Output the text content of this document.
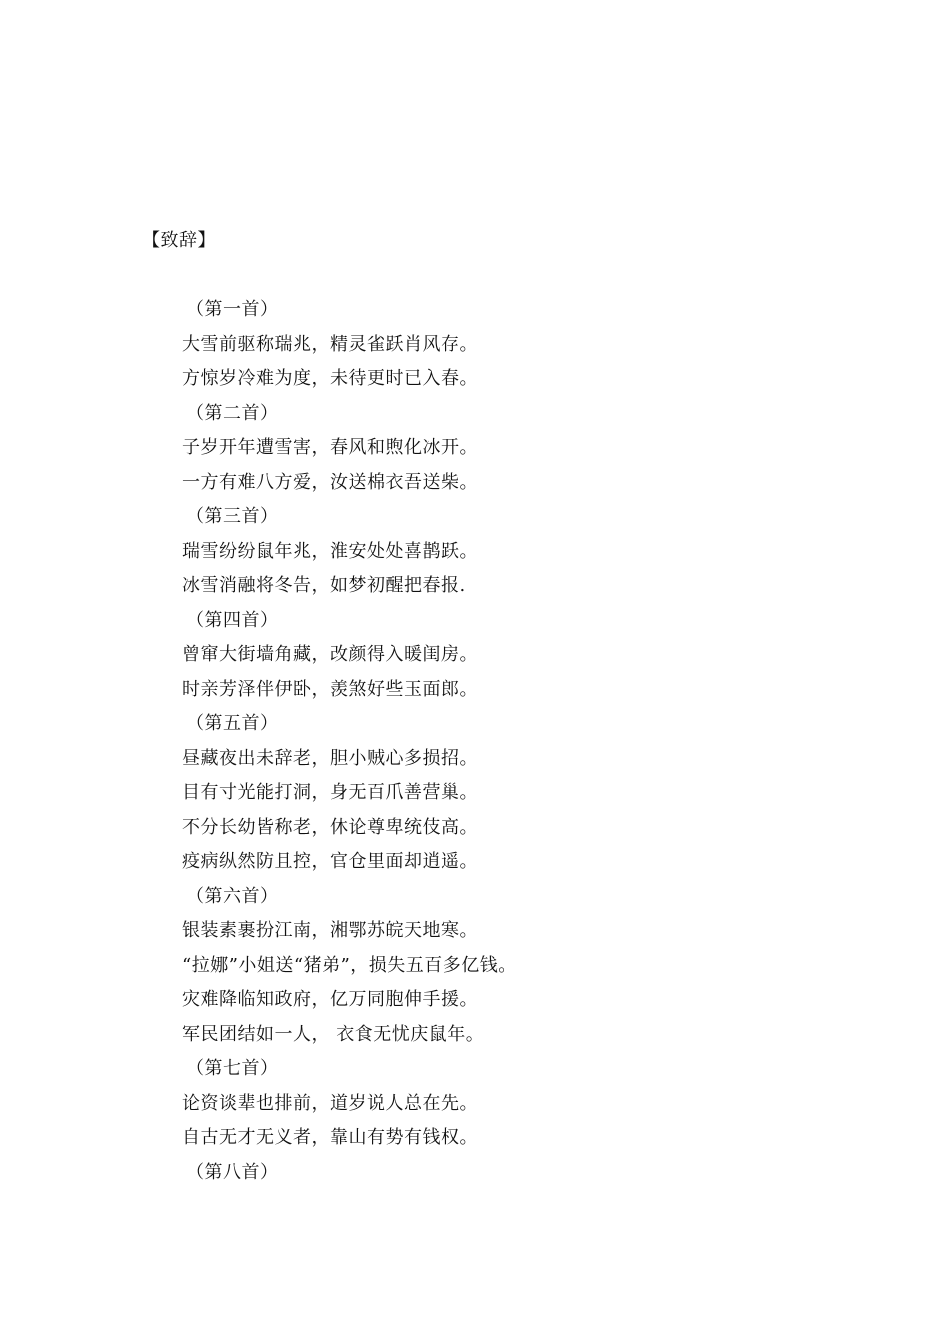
【致辞】
（第一首）
大雪前驱称瑞兆，精灵雀跃肖风存。
方惊岁冷难为度，未待更时已入春。
（第二首）
子岁开年遭雪害，春风和煦化冰开。
一方有难八方爱，汝送棉衣吾送柴。
（第三首）
瑞雪纷纷鼠年兆，淮安处处喜鹊跃。
冰雪消融将冬告，如梦初醒把春报.
（第四首）
曾窜大街墙角藏，改颜得入暖闺房。
时亲芳泽伴伊卧，羡煞好些玉面郎。
（第五首）
昼藏夜出未辞老，胆小贼心多损招。
目有寸光能打洞，身无百爪善营巢。
不分长幼皆称老，休论尊卑统伎高。
疫病纵然防且控，官仓里面却逍遥。
（第六首）
银装素裹扮江南，湘鄂苏皖天地寒。
“拉娜”小姐送“猪弟”，损失五百多亿钱。
灾难降临知政府，亿万同胞伸手援。
军民团结如一人， 衣食无忧庆鼠年。
（第七首）
论资谈辈也排前，道岁说人总在先。
自古无才无义者，靠山有势有钱权。
（第八首）
